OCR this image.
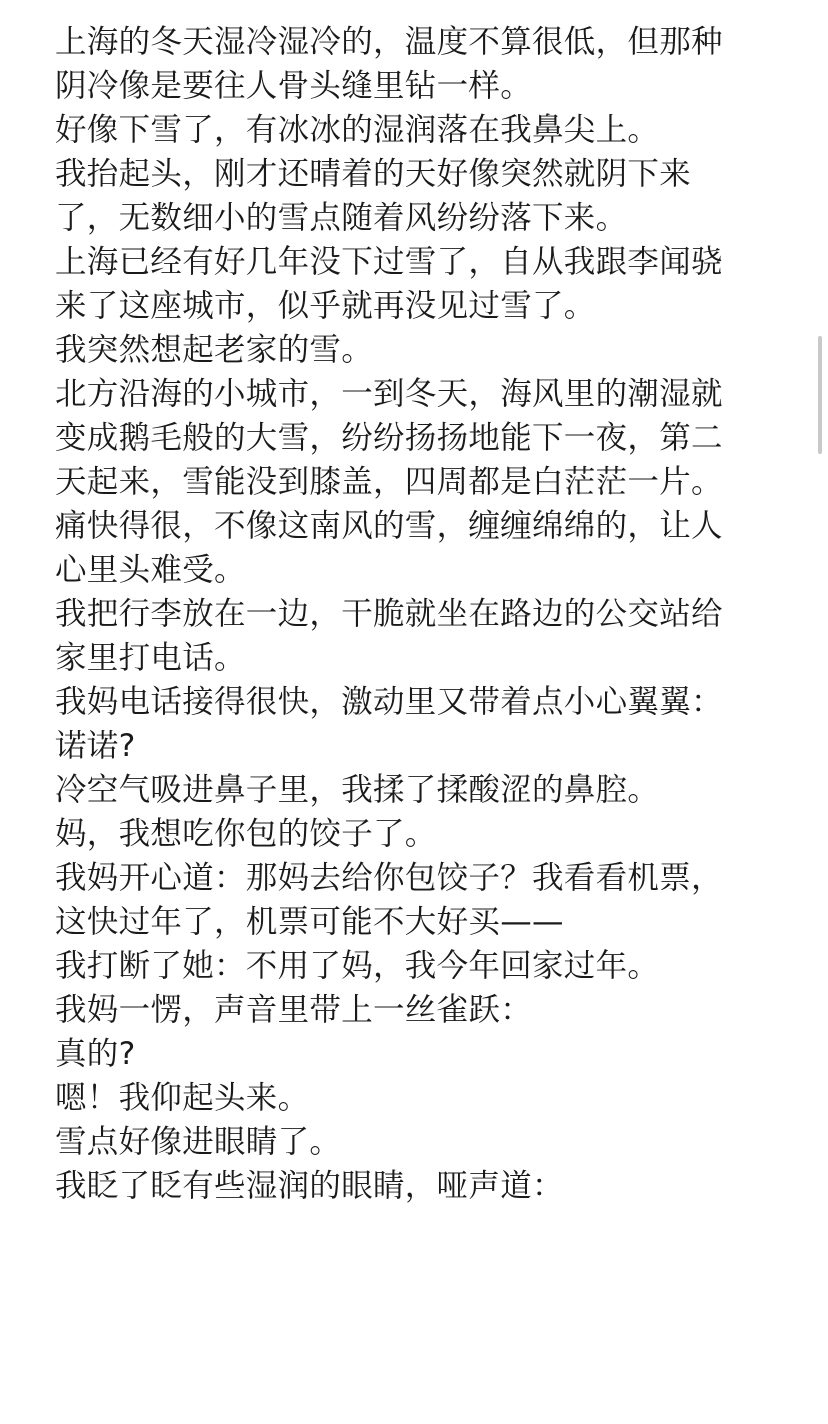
上海的冬天湿冷湿冷的，温度不算很低，但那种
阴冷像是要往人骨头缝里钻一样。
好像下雪了，有冰冰的湿润落在我鼻尖上。
我抬起头，刚才还晴着的天好像突然就阴下来
了，无数细小的雪点随着风纷纷落下来。
上海已经有好几年没下过雪了，自从我跟李闻骁
来了这座城市，似乎就再没见过雪了。
我突然想起老家的雪。
北方沿海的小城市，一到冬天，海风里的潮湿就
变成鹅毛般的大雪，纷纷扬扬地能下一夜，第二
天起来，雪能没到膝盖，四周都是白茫茫一片。
痛快得很，不像这南风的雪，缠缠绵绵的，让人
心里头难受。
我把行李放在一边，干脆就坐在路边的公交站给
家里打电话。
我妈电话接得很快，激动里又带着点小心翼翼：
诺诺?
冷空气吸进鼻子里，我揉了揉酸涩的鼻腔。
妈，我想吃你包的饺子了。
我妈开心道：那妈去给你包饺子？我看看机票，
这快过年了，机票可能不大好买——
我打断了她：不用了妈，我今年回家过年。
我妈一愣，声音里带上一丝雀跃：
真的?
嗯！我仰起头来。
雪点好像进眼睛了。
我眨了眨有些湿润的眼睛，哑声道：
